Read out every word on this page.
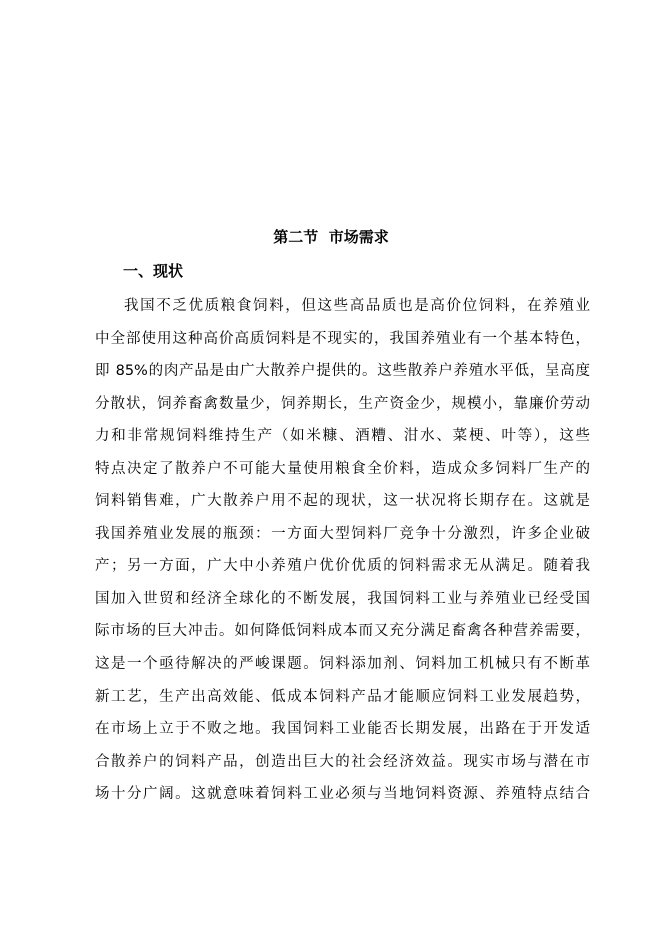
第二节  市场需求
一、现状
我国不乏优质粮食饲料，但这些高品质也是高价位饲料，在养殖业
中全部使用这种高价高质饲料是不现实的，我国养殖业有一个基本特色，
即 85%的肉产品是由广大散养户提供的。这些散养户养殖水平低，呈高度
分散状，饲养畜禽数量少，饲养期长，生产资金少，规模小，靠廉价劳动
力和非常规饲料维持生产（如米糠、酒糟、泔水、菜梗、叶等），这些
特点决定了散养户不可能大量使用粮食全价料，造成众多饲料厂生产的
饲料销售难，广大散养户用不起的现状，这一状况将长期存在。这就是
我国养殖业发展的瓶颈：一方面大型饲料厂竞争十分激烈，许多企业破
产；另一方面，广大中小养殖户优价优质的饲料需求无从满足。随着我
国加入世贸和经济全球化的不断发展，我国饲料工业与养殖业已经受国
际市场的巨大冲击。如何降低饲料成本而又充分满足畜禽各种营养需要，
这是一个亟待解决的严峻课题。饲料添加剂、饲料加工机械只有不断革
新工艺，生产出高效能、低成本饲料产品才能顺应饲料工业发展趋势，
在市场上立于不败之地。我国饲料工业能否长期发展，出路在于开发适
合散养户的饲料产品，创造出巨大的社会经济效益。现实市场与潜在市
场十分广阔。这就意味着饲料工业必须与当地饲料资源、养殖特点结合
